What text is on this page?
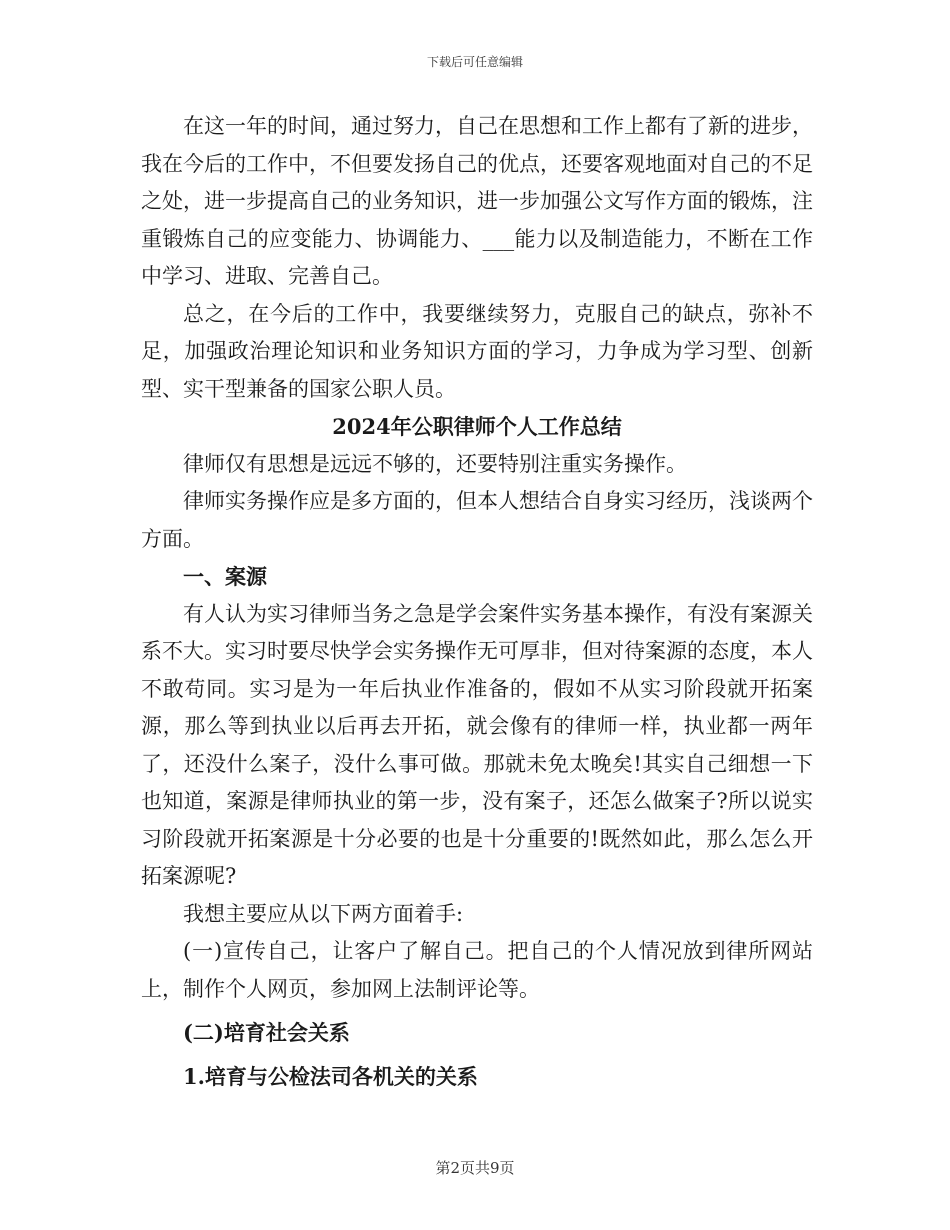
下载后可任意编辑

在这一年的时间，通过努力，自己在思想和工作上都有了新的进步，我在今后的工作中，不但要发扬自己的优点，还要客观地面对自己的不足之处，进一步提高自己的业务知识，进一步加强公文写作方面的锻炼，注重锻炼自己的应变能力、协调能力、___能力以及制造能力，不断在工作中学习、进取、完善自己。

总之，在今后的工作中，我要继续努力，克服自己的缺点，弥补不足，加强政治理论知识和业务知识方面的学习，力争成为学习型、创新型、实干型兼备的国家公职人员。

2024年公职律师个人工作总结

律师仅有思想是远远不够的，还要特别注重实务操作。

律师实务操作应是多方面的，但本人想结合自身实习经历，浅谈两个方面。

一、案源

有人认为实习律师当务之急是学会案件实务基本操作，有没有案源关系不大。实习时要尽快学会实务操作无可厚非，但对待案源的态度，本人不敢苟同。实习是为一年后执业作准备的，假如不从实习阶段就开拓案源，那么等到执业以后再去开拓，就会像有的律师一样，执业都一两年了，还没什么案子，没什么事可做。那就未免太晚矣!其实自己细想一下也知道，案源是律师执业的第一步，没有案子，还怎么做案子?所以说实习阶段就开拓案源是十分必要的也是十分重要的!既然如此，那么怎么开拓案源呢?

我想主要应从以下两方面着手:

(一)宣传自己，让客户了解自己。把自己的个人情况放到律所网站上，制作个人网页，参加网上法制评论等。

(二)培育社会关系

1.培育与公检法司各机关的关系

第2页共9页
